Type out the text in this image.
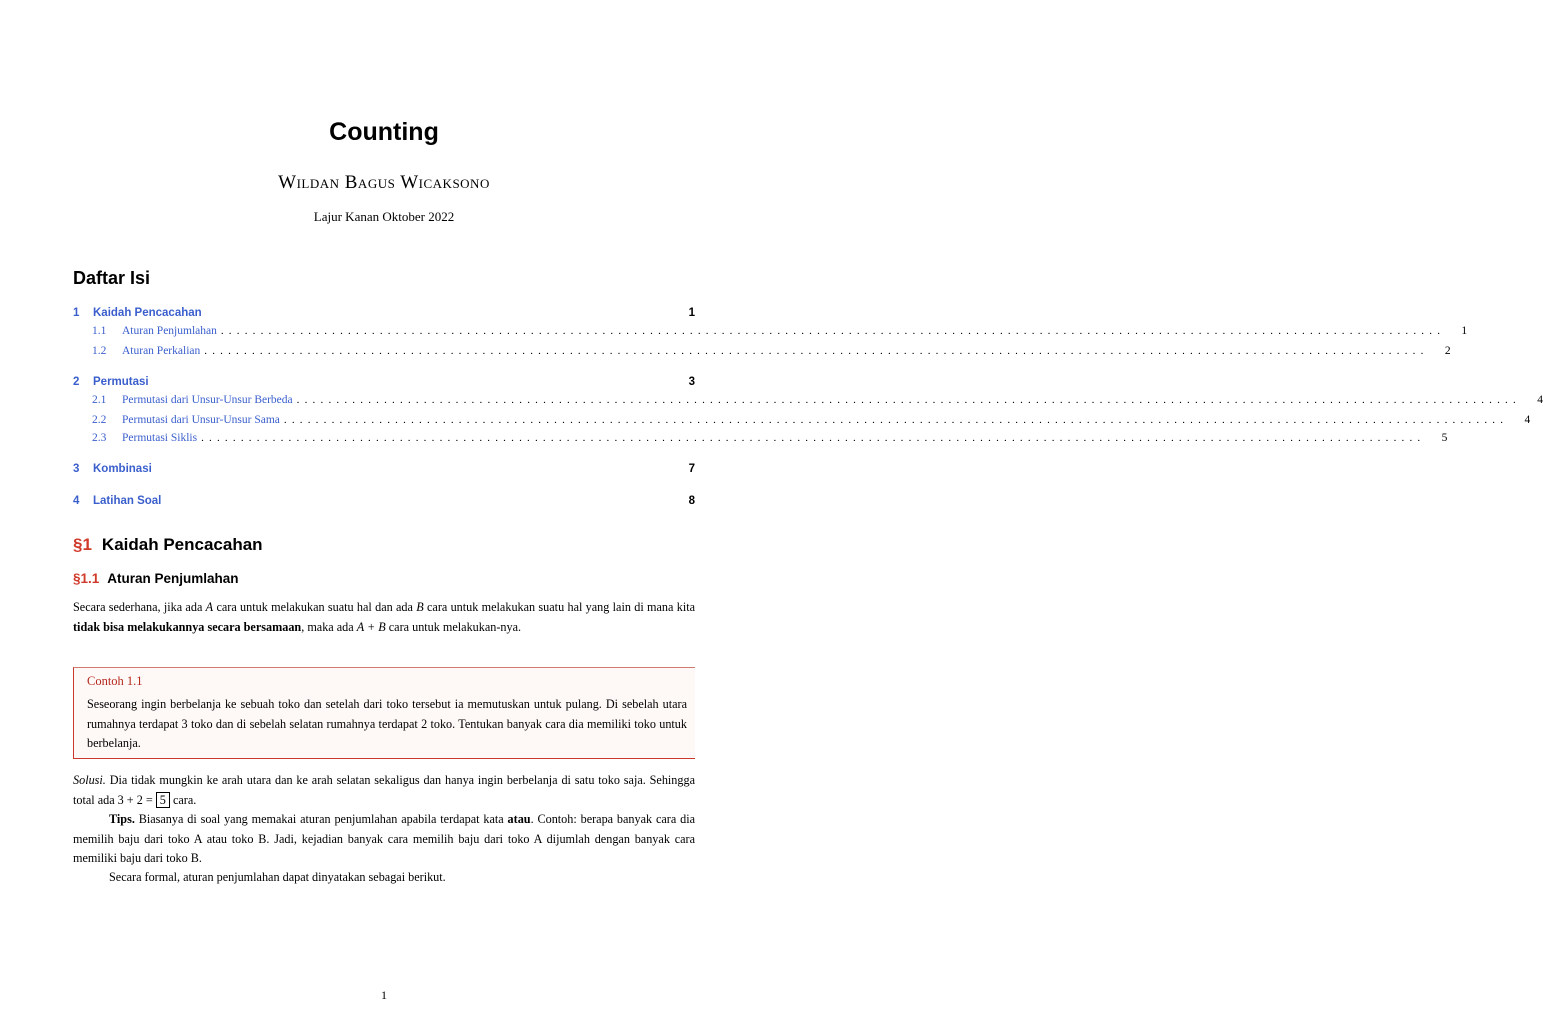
Counting
Wildan Bagus Wicaksono
Lajur Kanan Oktober 2022
Daftar Isi
1	Kaidah Pencacahan	1
1.1	Aturan Penjumlahan ..........................................................................................................................................................	1
1.2	Aturan Perkalian ..........................................................................................................................................................	2
2	Permutasi	3
2.1	Permutasi dari Unsur-Unsur Berbeda ..........................................................................................................................................................	4
2.2	Permutasi dari Unsur-Unsur Sama ..........................................................................................................................................................	4
2.3	Permutasi Siklis ..........................................................................................................................................................	5
3	Kombinasi	7
4	Latihan Soal	8
§1 Kaidah Pencacahan
§1.1 Aturan Penjumlahan
Secara sederhana, jika ada A cara untuk melakukan suatu hal dan ada B cara untuk melakukan suatu hal yang lain di mana kita tidak bisa melakukannya secara bersamaan, maka ada A + B cara untuk melakukan-nya.
Contoh 1.1
Seseorang ingin berbelanja ke sebuah toko dan setelah dari toko tersebut ia memutuskan untuk pulang. Di sebelah utara rumahnya terdapat 3 toko dan di sebelah selatan rumahnya terdapat 2 toko. Tentukan banyak cara dia memiliki toko untuk berbelanja.
Solusi. Dia tidak mungkin ke arah utara dan ke arah selatan sekaligus dan hanya ingin berbelanja di satu toko saja. Sehingga total ada 3 + 2 = 5 cara.
Tips. Biasanya di soal yang memakai aturan penjumlahan apabila terdapat kata atau. Contoh: berapa banyak cara dia memilih baju dari toko A atau toko B. Jadi, kejadian banyak cara memilih baju dari toko A dijumlah dengan banyak cara memiliki baju dari toko B.
Secara formal, aturan penjumlahan dapat dinyatakan sebagai berikut.
1
